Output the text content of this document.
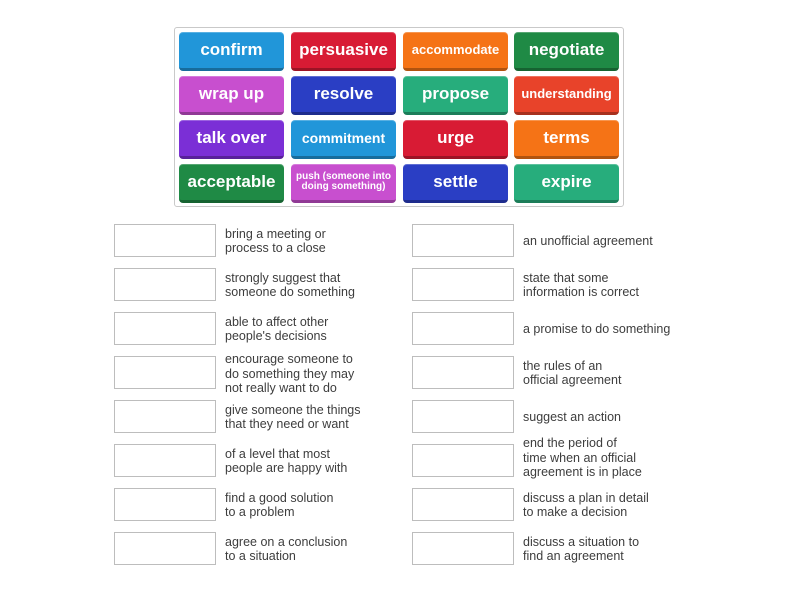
confirm	persuasive	accommodate	negotiate
wrap up	resolve	propose	understanding
talk over	commitment	urge	terms
acceptable	push (someone into doing something)	settle	expire
bring a meeting or
process to a close
strongly suggest that
someone do something
able to affect other
people's decisions
encourage someone to
do something they may
not really want to do
give someone the things
that they need or want
of a level that most
people are happy with
find a good solution
to a problem
agree on a conclusion
to a situation
an unofficial agreement
state that some
information is correct
a promise to do something
the rules of an
official agreement
suggest an action
end the period of
time when an official
agreement is in place
discuss a plan in detail
to make a decision
discuss a situation to
find an agreement
